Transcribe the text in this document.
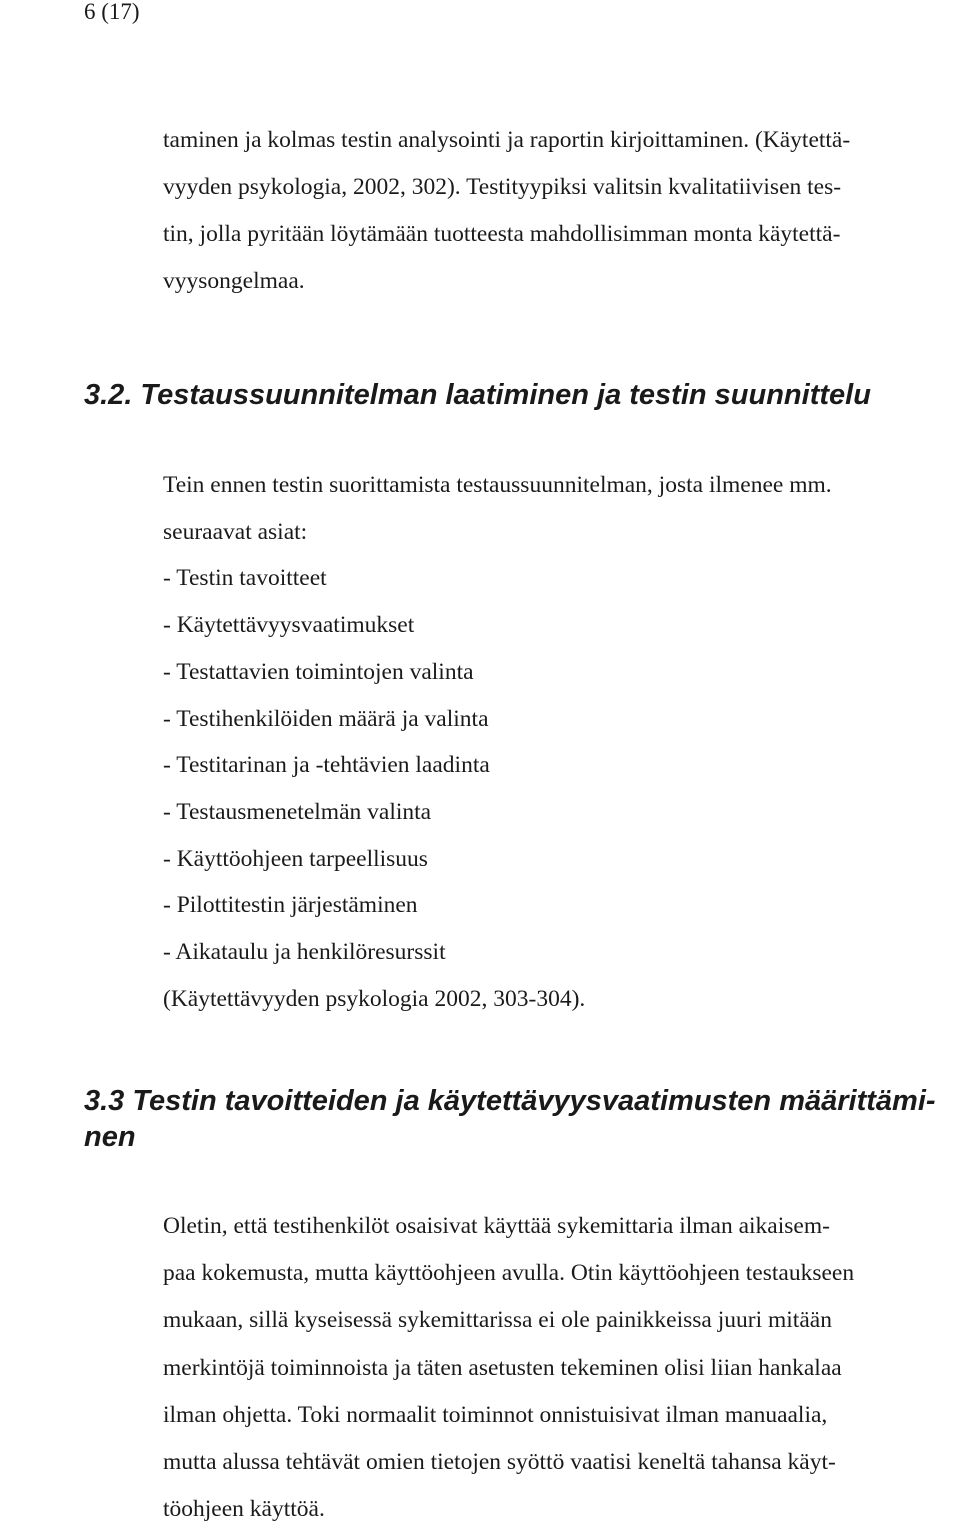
6 (17)
taminen ja kolmas testin analysointi ja raportin kirjoittaminen. (Käytettä-
vyyden psykologia, 2002, 302). Testityypiksi valitsin kvalitatiivisen tes-
tin, jolla pyritään löytämään tuotteesta mahdollisimman monta käytettä-
vyysongelmaa.
3.2. Testaussuunnitelman laatiminen ja testin suunnittelu
Tein ennen testin suorittamista testaussuunnitelman, josta ilmenee mm.
seuraavat asiat:
- Testin tavoitteet
- Käytettävyysvaatimukset
- Testattavien toimintojen valinta
- Testihenkilöiden määrä ja valinta
- Testitarinan ja -tehtävien laadinta
- Testausmenetelmän valinta
- Käyttöohjeen tarpeellisuus
- Pilottitestin järjestäminen
- Aikataulu ja henkilöresurssit
(Käytettävyyden psykologia 2002, 303-304).
3.3 Testin tavoitteiden ja käytettävyysvaatimusten määrittämi-
nen
Oletin, että testihenkilöt osaisivat käyttää sykemittaria ilman aikaisem-
paa kokemusta, mutta käyttöohjeen avulla. Otin käyttöohjeen testaukseen
mukaan, sillä kyseisessä sykemittarissa ei ole painikkeissa juuri mitään
merkintöjä toiminnoista ja täten asetusten tekeminen olisi liian hankalaa
ilman ohjetta. Toki normaalit toiminnot onnistuisivat ilman manuaalia,
mutta alussa tehtävät omien tietojen syöttö vaatisi keneltä tahansa käyt-
töohjeen käyttöä.
